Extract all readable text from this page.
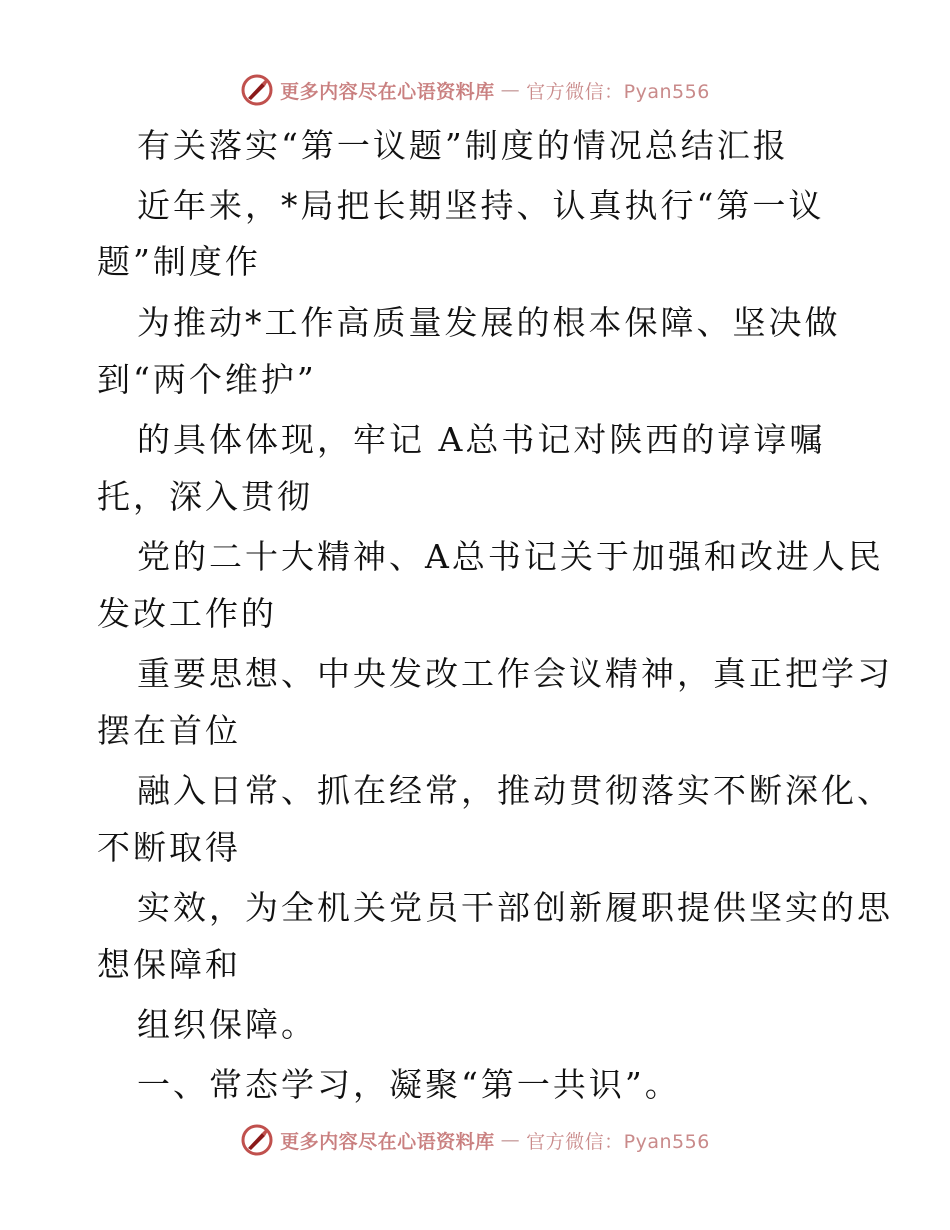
更多内容尽在心语资料库 — 官方微信：Pyan556
有关落实“第一议题”制度的情况总结汇报
近年来，*局把长期坚持、认真执行“第一议
题”制度作
为推动*工作高质量发展的根本保障、坚决做
到“两个维护”
的具体体现，牢记 A总书记对陕西的谆谆嘱
托，深入贯彻
党的二十大精神、A总书记关于加强和改进人民
发改工作的
重要思想、中央发改工作会议精神，真正把学习
摆在首位
融入日常、抓在经常，推动贯彻落实不断深化、
不断取得
实效，为全机关党员干部创新履职提供坚实的思
想保障和
组织保障。
一、常态学习，凝聚“第一共识”。
更多内容尽在心语资料库 — 官方微信：Pyan556
